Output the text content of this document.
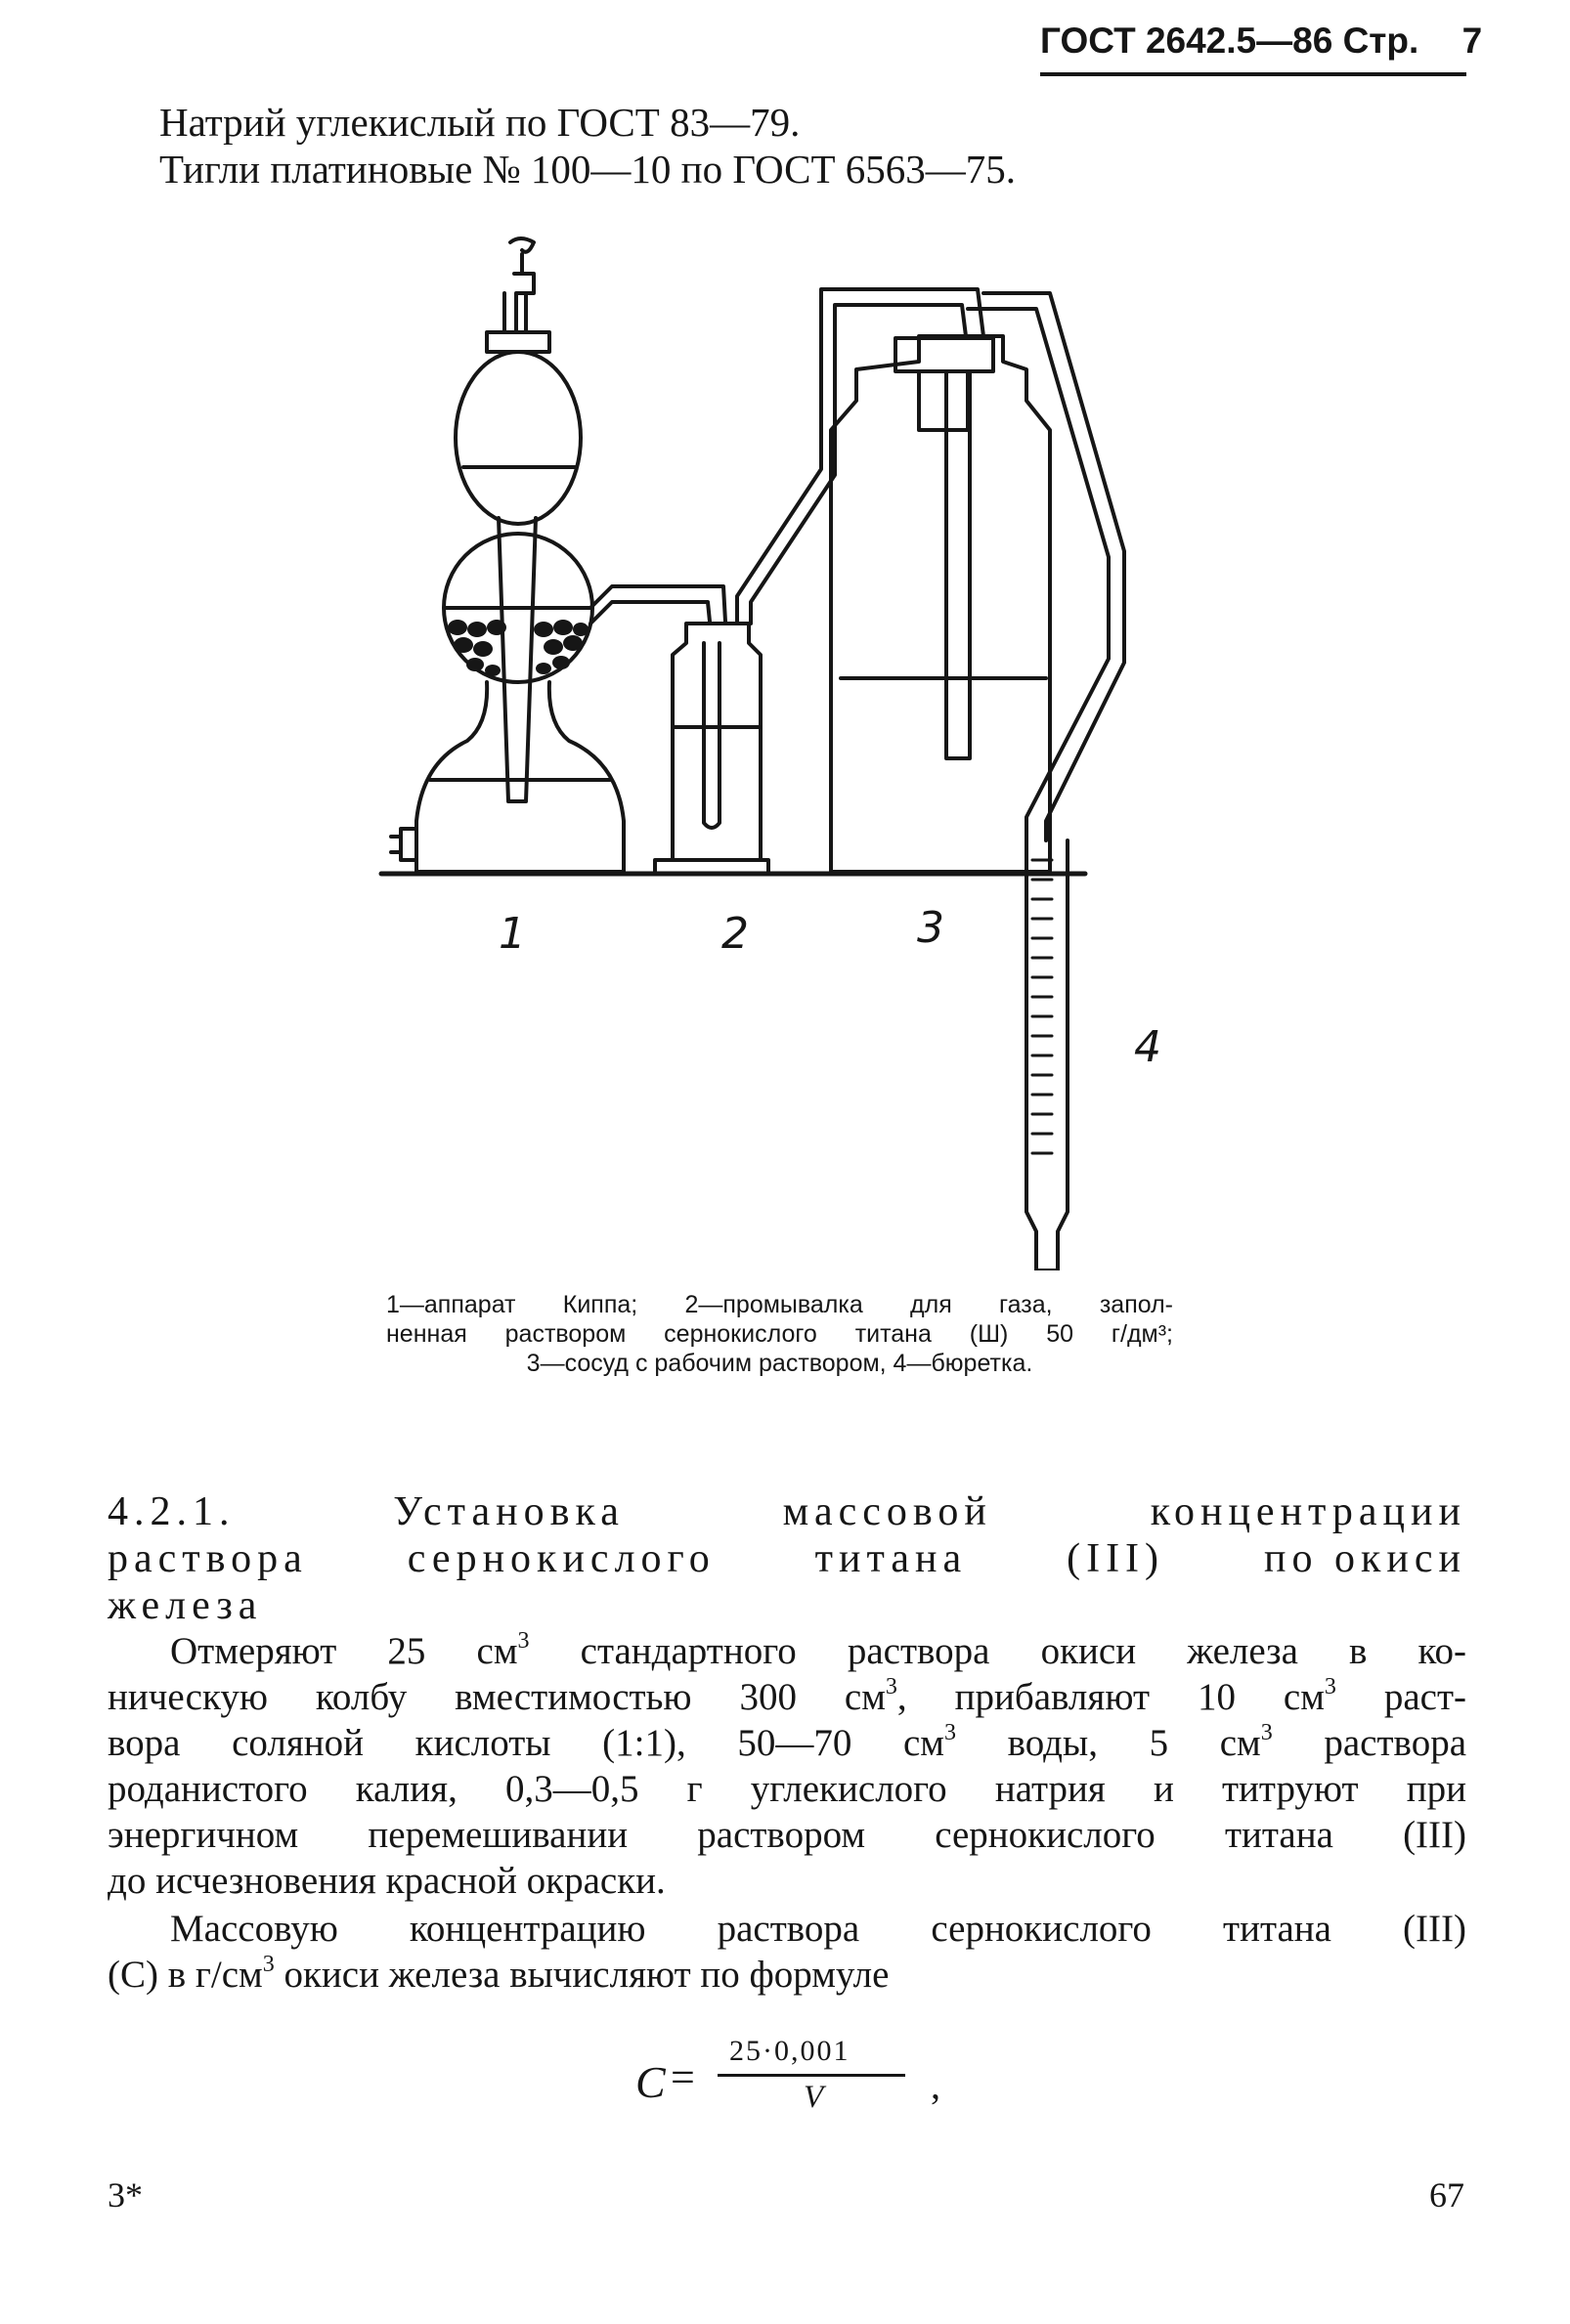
ГОСТ 2642.5—86 Стр. 7
Натрий углекислый по ГОСТ 83—79.
Тигли платиновые № 100—10 по ГОСТ 6563—75.
1	2	3
4
1—аппарат Киппа; 2—промывалка для газа, запол-
ненная раствором сернокислого титана (Ш) 50 г/дм³;
3—сосуд с рабочим раствором, 4—бюретка.
4.2.1.	Установка	массовой	концентрации
раствора сернокислого титана (III) по окиси
железа
Отмеряют 25 $см^3$ стандартного раствора окиси железа в ко-
ническую колбу вместимостью 300 $см^3$, прибавляют 10 $см^3$ раст-
вора соляной кислоты (1:1), 50—70 $см^3$ воды, 5 $см^3$ раствора
роданистого калия, 0,3—0,5 г углекислого натрия и титруют при
энергичном перемешивании раствором сернокислого титана (III)
до исчезновения красной окраски.
Массовую концентрацию раствора сернокислого титана (III)
(C) в $г/см^3$ окиси железа вычисляют по формуле
C =
25·0,001
V	,
3*	67
